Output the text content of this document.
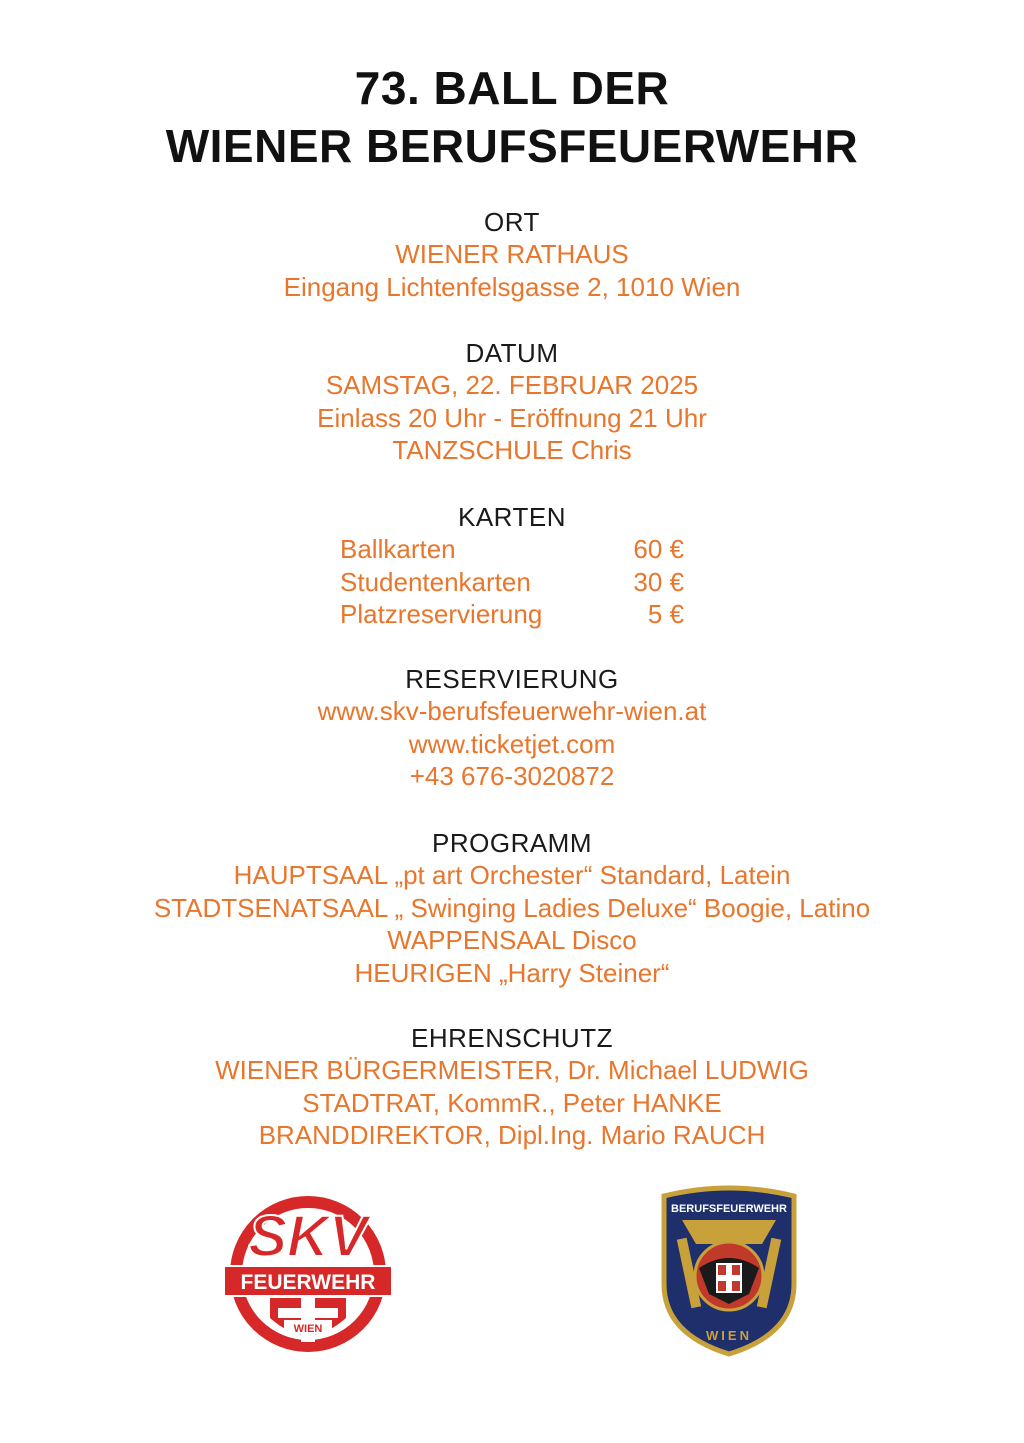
73. BALL DER
WIENER BERUFSFEUERWEHR
ORT
WIENER RATHAUS
Eingang Lichtenfelsgasse 2, 1010 Wien
DATUM
SAMSTAG, 22. FEBRUAR 2025
Einlass 20 Uhr - Eröffnung 21 Uhr
TANZSCHULE Chris
KARTEN
Ballkarten	60 €
Studentenkarten	30 €
Platzreservierung	5 €
RESERVIERUNG
www.skv-berufsfeuerwehr-wien.at
www.ticketjet.com
+43 676-3020872
PROGRAMM
HAUPTSAAL „pt art Orchester“ Standard, Latein
STADTSENATSAAL „ Swinging Ladies Deluxe“ Boogie, Latino
WAPPENSAAL Disco
HEURIGEN „Harry Steiner“
EHRENSCHUTZ
WIENER BÜRGERMEISTER, Dr. Michael LUDWIG
STADTRAT, KommR., Peter HANKE
BRANDDIREKTOR, Dipl.Ing. Mario RAUCH
FEUERWEHR
SKV
WIEN
BERUFSFEUERWEHR
WIEN
